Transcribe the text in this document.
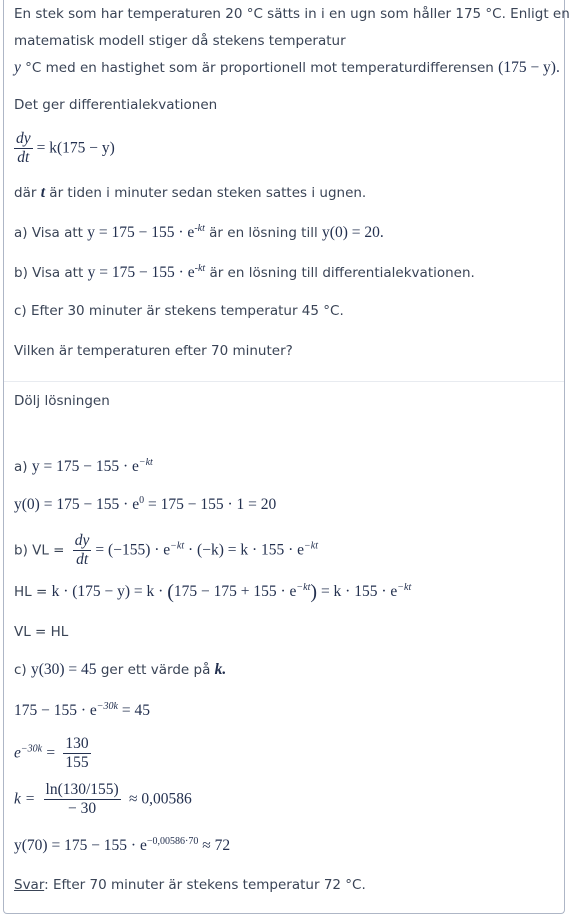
En stek som har temperaturen 20 °C sätts in i en ugn som håller 175 °C. Enligt en
matematisk modell stiger då stekens temperatur
y °C med en hastighet som är proportionell mot temperaturdifferensen (175 − y).
Det ger differentialekvationen
$\frac{dy}{dt} = k(175 - y)$
där t är tiden i minuter sedan steken sattes i ugnen.
a) Visa att $y = 175 - 155 \cdot e^{-kt}$ är en lösning till y(0) = 20.
b) Visa att $y = 175 - 155 \cdot e^{-kt}$ är en lösning till differentialekvationen.
c) Efter 30 minuter är stekens temperatur 45 °C.
Vilken är temperaturen efter 70 minuter?
Dölj lösningen
a) $y = 175 - 155 \cdot e^{-kt}$
$y(0) = 175 - 155 \cdot e^0 = 175 - 155 \cdot 1 = 20$
b) VL = $\frac{dy}{dt} = (-155) \cdot e^{-kt} \cdot (-k) = k \cdot 155 \cdot e^{-kt}$
HL = $k \cdot (175 - y) = k \cdot (175 - 175 + 155 \cdot e^{-kt}) = k \cdot 155 \cdot e^{-kt}$
VL = HL
c) y(30) = 45 ger ett värde på k.
$175 - 155 \cdot e^{-30k} = 45$
$e^{-30k} = \frac{130}{155}$
$k = \frac{\ln(130/155)}{- 30} \approx 0,00586$
$y(70) = 175 - 155 \cdot e^{-0,00586\cdot 70} \approx 72$
Svar: Efter 70 minuter är stekens temperatur 72 °C.
